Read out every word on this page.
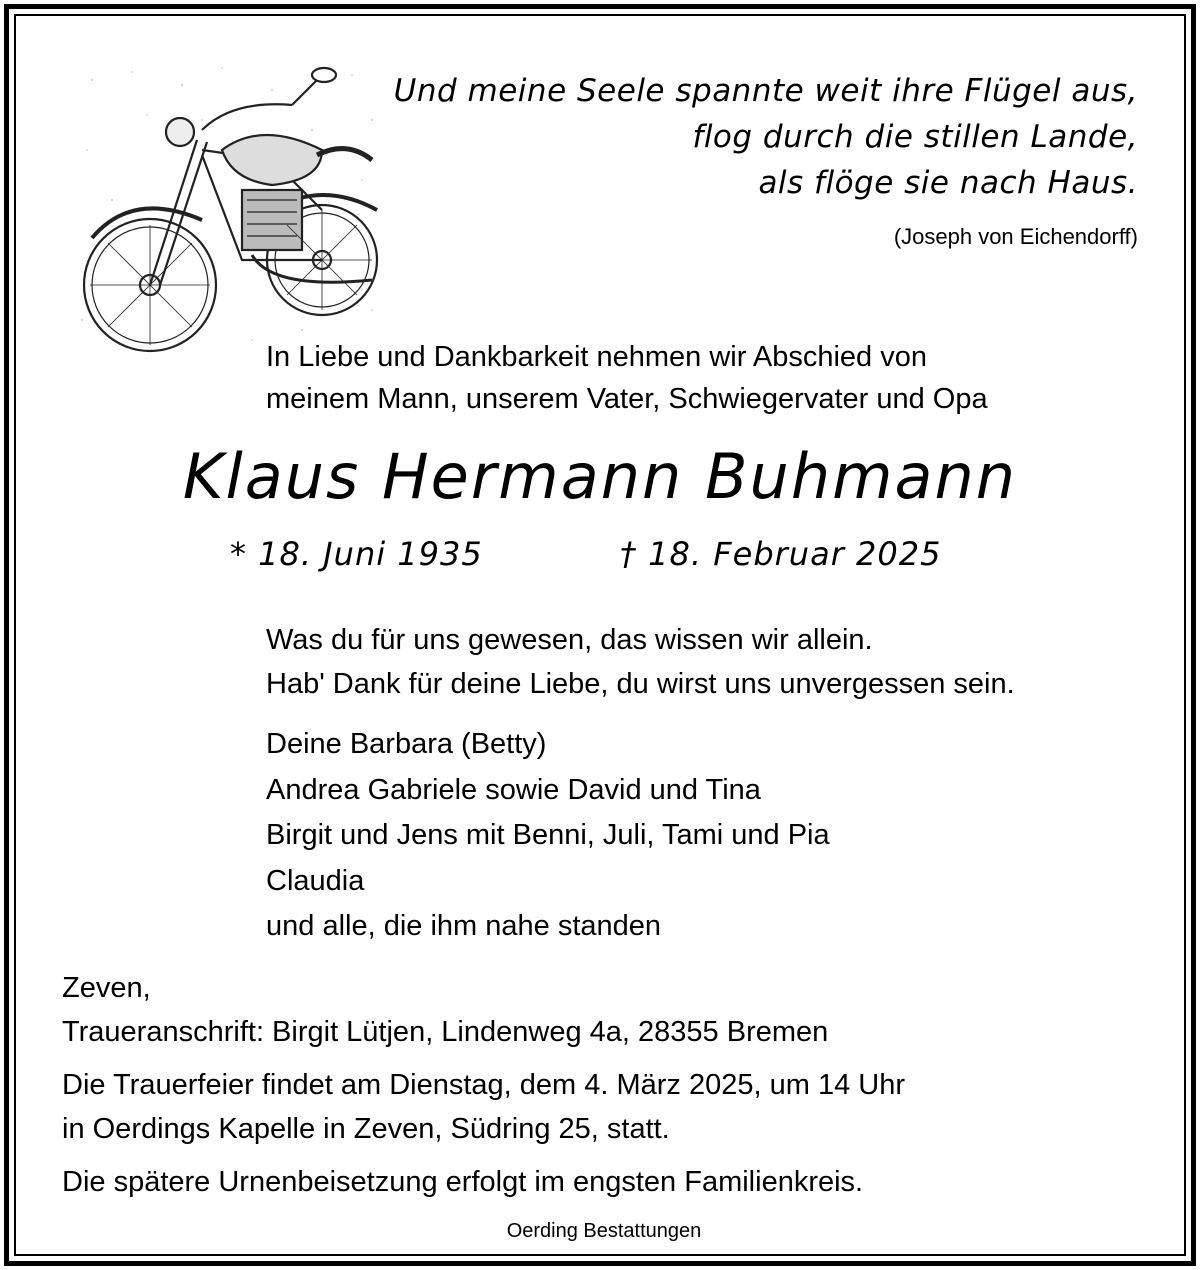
Und meine Seele spannte weit ihre Flügel aus,
flog durch die stillen Lande,
als flöge sie nach Haus.
(Joseph von Eichendorff)
In Liebe und Dankbarkeit nehmen wir Abschied von
meinem Mann, unserem Vater, Schwiegervater und Opa
Klaus Hermann Buhmann
* 18. Juni 1935	† 18. Februar 2025
Was du für uns gewesen, das wissen wir allein.
Hab' Dank für deine Liebe, du wirst uns unvergessen sein.
Deine Barbara (Betty)
Andrea Gabriele sowie David und Tina
Birgit und Jens mit Benni, Juli, Tami und Pia
Claudia
und alle, die ihm nahe standen
Zeven,
Traueranschrift: Birgit Lütjen, Lindenweg 4a, 28355 Bremen
Die Trauerfeier findet am Dienstag, dem 4. März 2025, um 14 Uhr
in Oerdings Kapelle in Zeven, Südring 25, statt.
Die spätere Urnenbeisetzung erfolgt im engsten Familienkreis.
Oerding Bestattungen
